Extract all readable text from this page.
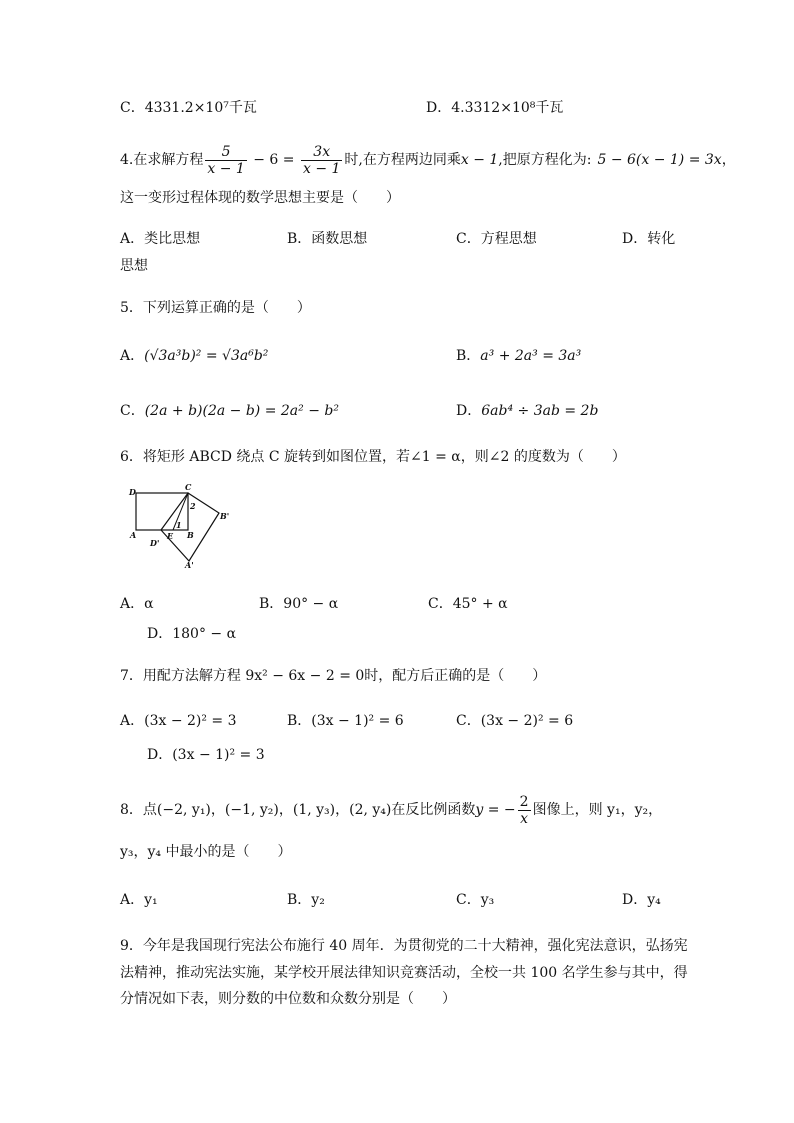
C．4331.2×10⁷千瓦	D．4.3312×10⁸千瓦
4.在求解方程 $\frac{5}{x - 1} - 6 = \frac{3x}{x - 1}$ 时,在方程两边同乘x − 1,把原方程化为: 5 − 6(x − 1) = 3x，
这一变形过程体现的数学思想主要是（　　）
A．类比思想	B．函数思想	C．方程思想	D．转化
思想
5．下列运算正确的是（　　）
A．(√3a³b)² = √3a⁶b²	B．a³ + 2a³ = 3a³
C．(2a + b)(2a − b) = 2a² − b²	D．6ab⁴ ÷ 3ab = 2b
6．将矩形 ABCD 绕点 C 旋转到如图位置，若∠1 = α，则∠2 的度数为（　　）
D	C
2
B'
1
A	E B
D'
A'
A．α	B．90° − α	C．45° + α
D．180° − α
7．用配方法解方程 9x² − 6x − 2 = 0时，配方后正确的是（　　）
A．(3x − 2)² = 3	B．(3x − 1)² = 6	C．(3x − 2)² = 6
D．(3x − 1)² = 3
8．点(−2, y₁)，(−1, y₂)，(1, y₃)，(2, y₄)在反比例函数y = − $\frac{2}{x}$ 图像上，则 y₁，y₂，
y₃，y₄ 中最小的是（　　）
A．y₁	B．y₂	C．y₃	D．y₄
9．今年是我国现行宪法公布施行 40 周年．为贯彻党的二十大精神，强化宪法意识，弘扬宪
法精神，推动宪法实施，某学校开展法律知识竞赛活动，全校一共 100 名学生参与其中，得
分情况如下表，则分数的中位数和众数分别是（　　）
